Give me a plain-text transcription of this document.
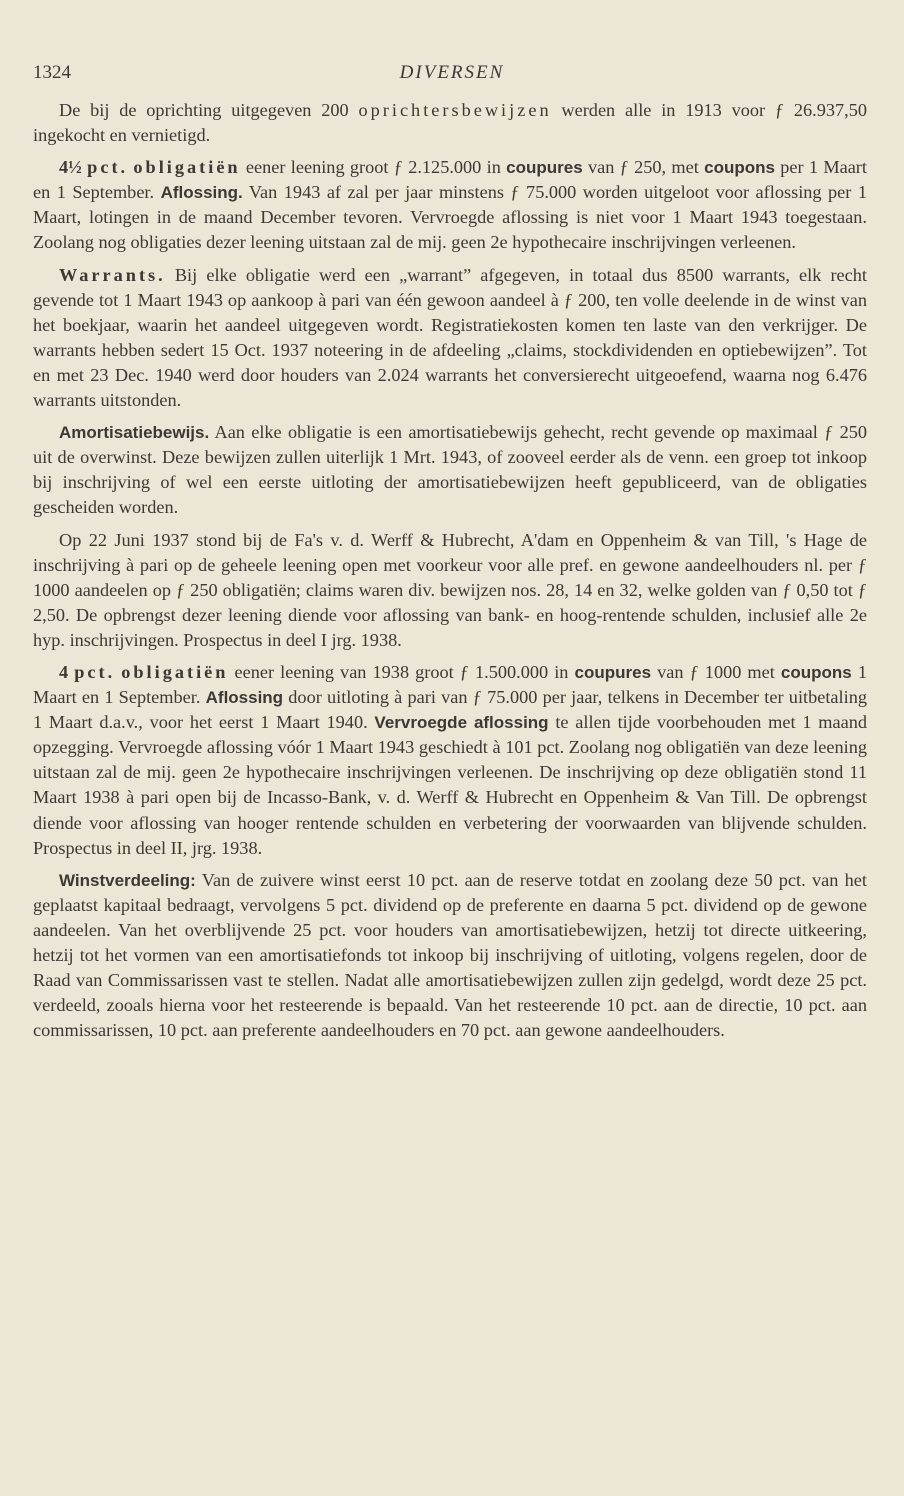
1324	DIVERSEN

De bij de oprichting uitgegeven 200 oprichtersbewijzen werden alle in 1913 voor ƒ 26.937,50 ingekocht en vernietigd.

4½ pct. obligatiën eener leening groot ƒ 2.125.000 in coupures van ƒ 250, met coupons per 1 Maart en 1 September. Aflossing. Van 1943 af zal per jaar minstens ƒ 75.000 worden uitgeloot voor aflossing per 1 Maart, lotingen in de maand December tevoren. Vervroegde aflossing is niet voor 1 Maart 1943 toegestaan. Zoolang nog obligaties dezer leening uitstaan zal de mij. geen 2e hypothecaire inschrijvingen verleenen.

Warrants. Bij elke obligatie werd een „warrant” afgegeven, in totaal dus 8500 warrants, elk recht gevende tot 1 Maart 1943 op aankoop à pari van één gewoon aandeel à ƒ 200, ten volle deelende in de winst van het boekjaar, waarin het aandeel uitgegeven wordt. Registratiekosten komen ten laste van den verkrijger. De warrants hebben sedert 15 Oct. 1937 noteering in de afdeeling „claims, stockdividenden en optiebewijzen”. Tot en met 23 Dec. 1940 werd door houders van 2.024 warrants het conversierecht uitgeoefend, waarna nog 6.476 warrants uitstonden.

Amortisatiebewijs. Aan elke obligatie is een amortisatiebewijs gehecht, recht gevende op maximaal ƒ 250 uit de overwinst. Deze bewijzen zullen uiterlijk 1 Mrt. 1943, of zooveel eerder als de venn. een groep tot inkoop bij inschrijving of wel een eerste uitloting der amortisatiebewijzen heeft gepubliceerd, van de obligaties gescheiden worden.

Op 22 Juni 1937 stond bij de Fa's v. d. Werff & Hubrecht, A'dam en Oppenheim & van Till, 's Hage de inschrijving à pari op de geheele leening open met voorkeur voor alle pref. en gewone aandeelhouders nl. per ƒ 1000 aandeelen op ƒ 250 obligatiën; claims waren div. bewijzen nos. 28, 14 en 32, welke golden van ƒ 0,50 tot ƒ 2,50. De opbrengst dezer leening diende voor aflossing van bank- en hoog-rentende schulden, inclusief alle 2e hyp. inschrijvingen. Prospectus in deel I jrg. 1938.

4 pct. obligatiën eener leening van 1938 groot ƒ 1.500.000 in coupures van ƒ 1000 met coupons 1 Maart en 1 September. Aflossing door uitloting à pari van ƒ 75.000 per jaar, telkens in December ter uitbetaling 1 Maart d.a.v., voor het eerst 1 Maart 1940. Vervroegde aflossing te allen tijde voorbehouden met 1 maand opzegging. Vervroegde aflossing vóór 1 Maart 1943 geschiedt à 101 pct. Zoolang nog obligatiën van deze leening uitstaan zal de mij. geen 2e hypothecaire inschrijvingen verleenen. De inschrijving op deze obligatiën stond 11 Maart 1938 à pari open bij de Incasso-Bank, v. d. Werff & Hubrecht en Oppenheim & Van Till. De opbrengst diende voor aflossing van hooger rentende schulden en verbetering der voorwaarden van blijvende schulden. Prospectus in deel II, jrg. 1938.

Winstverdeeling: Van de zuivere winst eerst 10 pct. aan de reserve totdat en zoolang deze 50 pct. van het geplaatst kapitaal bedraagt, vervolgens 5 pct. dividend op de preferente en daarna 5 pct. dividend op de gewone aandeelen. Van het overblijvende 25 pct. voor houders van amortisatiebewijzen, hetzij tot directe uitkeering, hetzij tot het vormen van een amortisatiefonds tot inkoop bij inschrijving of uitloting, volgens regelen, door de Raad van Commissarissen vast te stellen. Nadat alle amortisatiebewijzen zullen zijn gedelgd, wordt deze 25 pct. verdeeld, zooals hierna voor het resteerende is bepaald. Van het resteerende 10 pct. aan de directie, 10 pct. aan commissarissen, 10 pct. aan preferente aandeelhouders en 70 pct. aan gewone aandeelhouders.
